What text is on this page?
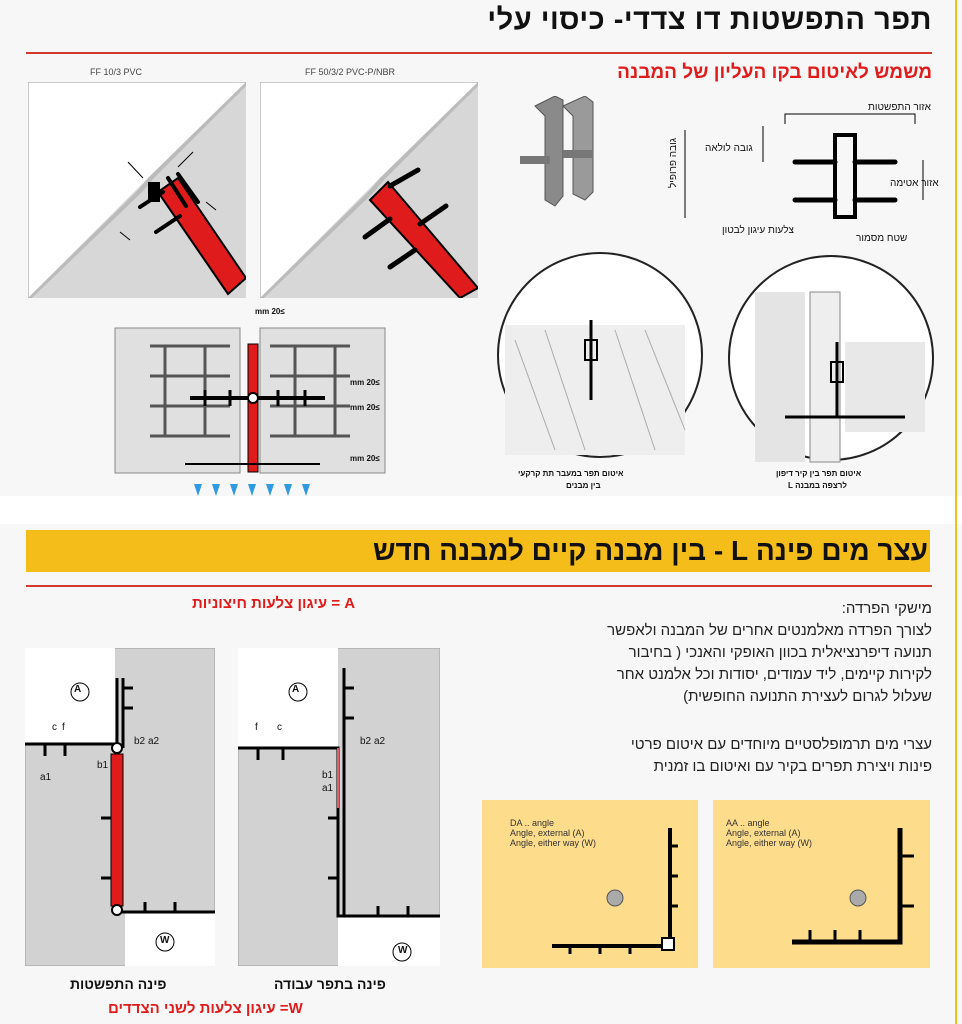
תפר התפשטות דו צדדי- כיסוי עלי
משמש לאיטום בקו העליון של המבנה
FF 10/3 PVC	FF 50/3/2 PVC-P/NBR
≥20 mm
≥20 mm
≥20 mm
≥20 mm
אזור התפשטות
גובה לולאה
גובה פרופיל	אזור אטימה
צלעות עיגון לבטון
שטח מסמור
איטום תפר במעבר תת קרקעי
בין מבנים
איטום תפר בין קיר דיפון
לרצפה במבנה L
עצר מים פינה L - בין מבנה קיים למבנה חדש
A = עיגון צלעות חיצוניות	מישקי הפרדה:
לצורך הפרדה מאלמנטים אחרים של המבנה ולאפשר
תנועה דיפרנציאלית בכוון האופקי והאנכי ( בחיבור
לקירות קיימים, ליד עמודים, יסודות וכל אלמנט אחר
שעלול לגרום לעצירת התנועה החופשית)
עצרי מים תרמופלסטיים מיוחדים עם איטום פרטי
פינות ויצירת תפרים בקיר עם ואיטום בו זמנית
A
W
c f
a1
b1
b2 a2
A
W
f c
b1
a1
b2 a2
פינה התפשטות	פינה בתפר עבודה
W= עיגון צלעות לשני הצדדים
DA .. angle
Angle, external (A)
Angle, either way (W)
AA .. angle
Angle, external (A)
Angle, either way (W)
